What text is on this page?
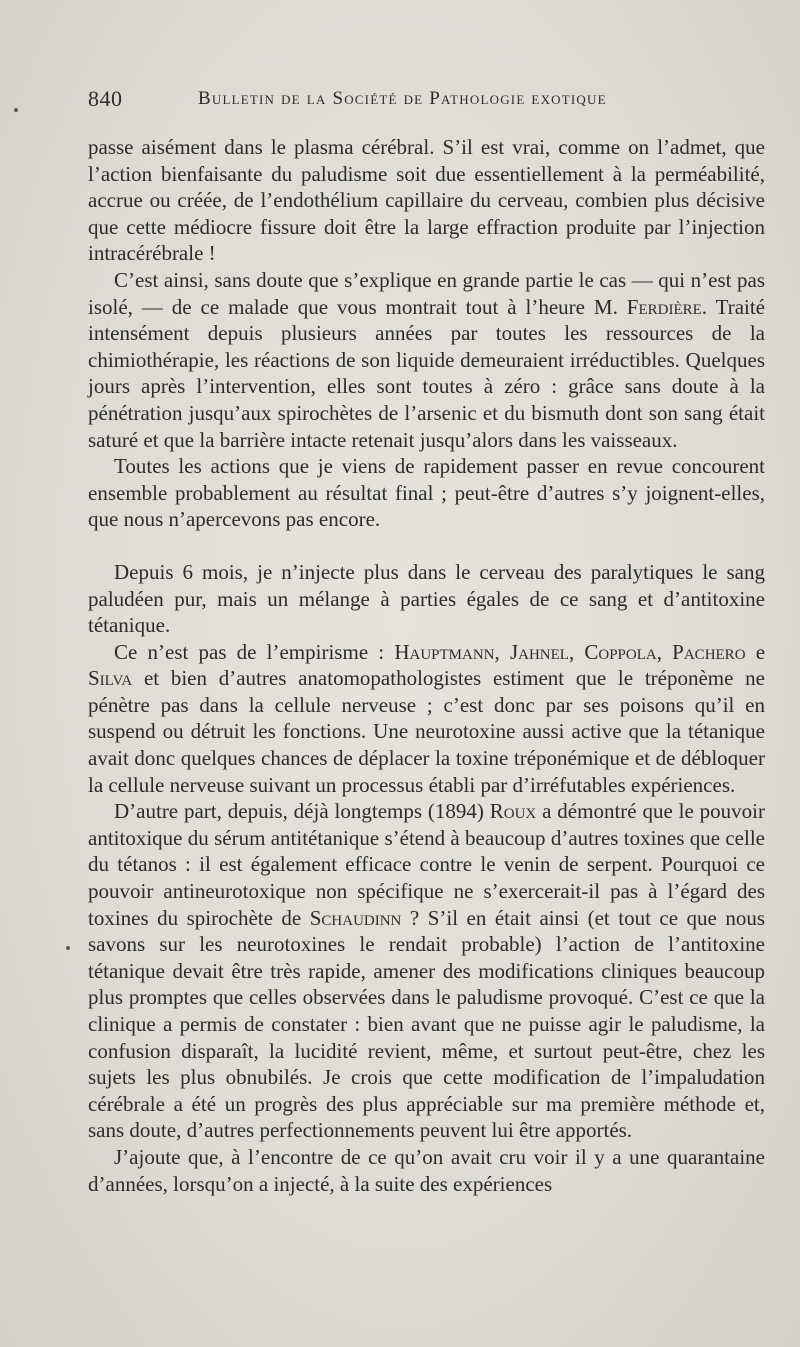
840	Bulletin de la Société de Pathologie exotique

passe aisément dans le plasma cérébral. S’il est vrai, comme on l’admet, que l’action bienfaisante du paludisme soit due essentiellement à la perméabilité, accrue ou créée, de l’endothélium capillaire du cerveau, combien plus décisive que cette médiocre fissure doit être la large effraction produite par l’injection intracérébrale !

C’est ainsi, sans doute que s’explique en grande partie le cas — qui n’est pas isolé, — de ce malade que vous montrait tout à l’heure M. Ferdière. Traité intensément depuis plusieurs années par toutes les ressources de la chimiothérapie, les réactions de son liquide demeuraient irréductibles. Quelques jours après l’intervention, elles sont toutes à zéro : grâce sans doute à la pénétration jusqu’aux spirochètes de l’arsenic et du bismuth dont son sang était saturé et que la barrière intacte retenait jusqu’alors dans les vaisseaux.

Toutes les actions que je viens de rapidement passer en revue concourent ensemble probablement au résultat final ; peut-être d’autres s’y joignent-elles, que nous n’apercevons pas encore.

Depuis 6 mois, je n’injecte plus dans le cerveau des paralytiques le sang paludéen pur, mais un mélange à parties égales de ce sang et d’antitoxine tétanique.

Ce n’est pas de l’empirisme : Hauptmann, Jahnel, Coppola, Pachero e Silva et bien d’autres anatomopathologistes estiment que le tréponème ne pénètre pas dans la cellule nerveuse ; c’est donc par ses poisons qu’il en suspend ou détruit les fonctions. Une neurotoxine aussi active que la tétanique avait donc quelques chances de déplacer la toxine tréponémique et de débloquer la cellule nerveuse suivant un processus établi par d’irréfutables expériences.

D’autre part, depuis, déjà longtemps (1894) Roux a démontré que le pouvoir antitoxique du sérum antitétanique s’étend à beaucoup d’autres toxines que celle du tétanos : il est également efficace contre le venin de serpent. Pourquoi ce pouvoir antineurotoxique non spécifique ne s’exercerait-il pas à l’égard des toxines du spirochète de Schaudinn ? S’il en était ainsi (et tout ce que nous savons sur les neurotoxines le rendait probable) l’action de l’antitoxine tétanique devait être très rapide, amener des modifications cliniques beaucoup plus promptes que celles observées dans le paludisme provoqué. C’est ce que la clinique a permis de constater : bien avant que ne puisse agir le paludisme, la confusion disparaît, la lucidité revient, même, et surtout peut-être, chez les sujets les plus obnubilés. Je crois que cette modification de l’impaludation cérébrale a été un progrès des plus appréciable sur ma première méthode et, sans doute, d’autres perfectionnements peuvent lui être apportés.

J’ajoute que, à l’encontre de ce qu’on avait cru voir il y a une quarantaine d’années, lorsqu’on a injecté, à la suite des expériences
